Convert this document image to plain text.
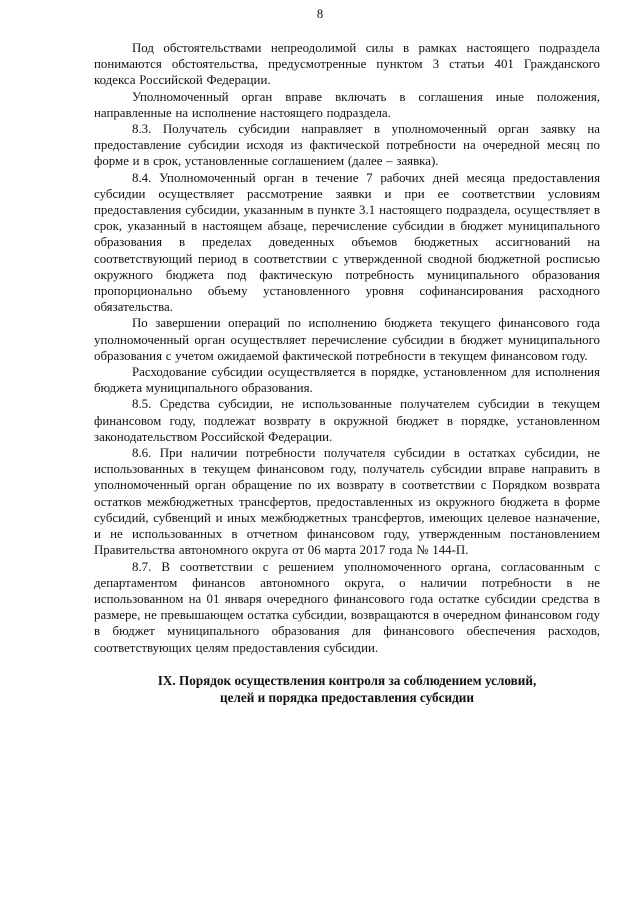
8

Под обстоятельствами непреодолимой силы в рамках настоящего подраздела понимаются обстоятельства, предусмотренные пунктом 3 статьи 401 Гражданского кодекса Российской Федерации.

Уполномоченный орган вправе включать в соглашения иные положения, направленные на исполнение настоящего подраздела.

8.3. Получатель субсидии направляет в уполномоченный орган заявку на предоставление субсидии исходя из фактической потребности на очередной месяц по форме и в срок, установленные соглашением (далее – заявка).

8.4. Уполномоченный орган в течение 7 рабочих дней месяца предоставления субсидии осуществляет рассмотрение заявки и при ее соответствии условиям предоставления субсидии, указанным в пункте 3.1 настоящего подраздела, осуществляет в срок, указанный в настоящем абзаце, перечисление субсидии в бюджет муниципального образования в пределах доведенных объемов бюджетных ассигнований на соответствующий период в соответствии с утвержденной сводной бюджетной росписью окружного бюджета под фактическую потребность муниципального образования пропорционально объему установленного уровня софинансирования расходного обязательства.

По завершении операций по исполнению бюджета текущего финансового года уполномоченный орган осуществляет перечисление субсидии в бюджет муниципального образования с учетом ожидаемой фактической потребности в текущем финансовом году.

Расходование субсидии осуществляется в порядке, установленном для исполнения бюджета муниципального образования.

8.5. Средства субсидии, не использованные получателем субсидии в текущем финансовом году, подлежат возврату в окружной бюджет в порядке, установленном законодательством Российской Федерации.

8.6. При наличии потребности получателя субсидии в остатках субсидии, не использованных в текущем финансовом году, получатель субсидии вправе направить в уполномоченный орган обращение по их возврату в соответствии с Порядком возврата остатков межбюджетных трансфертов, предоставленных из окружного бюджета в форме субсидий, субвенций и иных межбюджетных трансфертов, имеющих целевое назначение, и не использованных в отчетном финансовом году, утвержденным постановлением Правительства автономного округа от 06 марта 2017 года № 144-П.

8.7. В соответствии с решением уполномоченного органа, согласованным с департаментом финансов автономного округа, о наличии потребности в не использованном на 01 января очередного финансового года остатке субсидии средства в размере, не превышающем остатка субсидии, возвращаются в очередном финансовом году в бюджет муниципального образования для финансового обеспечения расходов, соответствующих целям предоставления субсидии.

IX. Порядок осуществления контроля за соблюдением условий,
целей и порядка предоставления субсидии
